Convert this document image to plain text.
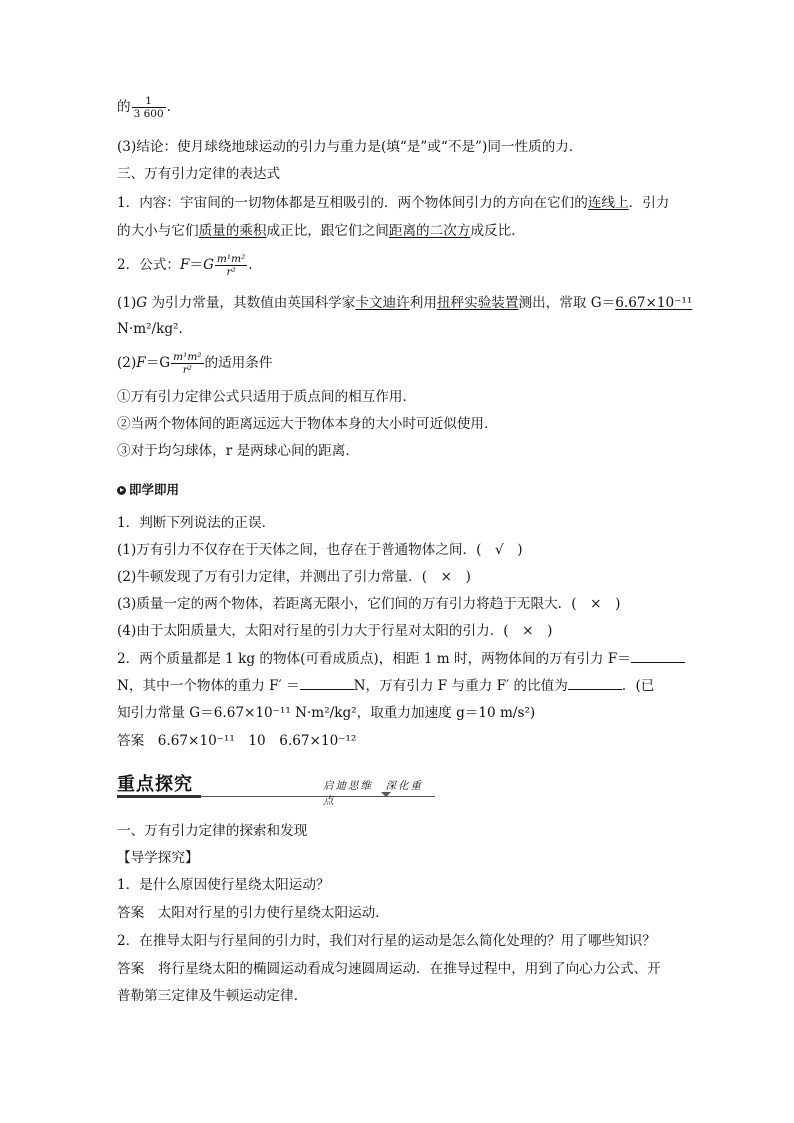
的 $\frac{1}{3 600}$ .
(3)结论：使月球绕地球运动的引力与重力是(填“是”或“不是”)同一性质的力．
三、万有引力定律的表达式
1．内容：宇宙间的一切物体都是互相吸引的．两个物体间引力的方向在它们的连线上．引力
的大小与它们质量的乘积成正比，跟它们之间距离的二次方成反比．
2．公式：$F=G \frac{\text{m¹m²}}{\text{r²}}$ .
(1)G 为引力常量，其数值由英国科学家卡文迪许利用扭秤实验装置测出，常取 G＝6.67×10⁻¹¹
N·m²/kg².
$(2)F=G \frac{\text{m¹m²}}{\text{r²}}$ 的适用条件
①万有引力定律公式只适用于质点间的相互作用．
②当两个物体间的距离远远大于物体本身的大小时可近似使用．
③对于均匀球体，r 是两球心间的距离．
即学即用
1．判断下列说法的正误．
(1)万有引力不仅存在于天体之间，也存在于普通物体之间．(　√　)
(2)牛顿发现了万有引力定律，并测出了引力常量．(　×　)
(3)质量一定的两个物体，若距离无限小，它们间的万有引力将趋于无限大．(　×　)
(4)由于太阳质量大，太阳对行星的引力大于行星对太阳的引力．(　×　)
2．两个质量都是 1 kg 的物体(可看成质点)，相距 1 m 时，两物体间的万有引力 F＝
N，其中一个物体的重力 F′ ＝	N，万有引力 F 与重力 F′ 的比值为	．(已
知引力常量 G＝6.67×10⁻¹¹ N·m²/kg²，取重力加速度 g＝10 m/s²)
答案　6.67×10⁻¹¹　10　6.67×10⁻¹²
一、万有引力定律的探索和发现
【导学探究】
1．是什么原因使行星绕太阳运动？
答案　太阳对行星的引力使行星绕太阳运动．
2．在推导太阳与行星间的引力时，我们对行星的运动是怎么简化处理的？用了哪些知识？
答案　将行星绕太阳的椭圆运动看成匀速圆周运动．在推导过程中，用到了向心力公式、开
普勒第三定律及牛顿运动定律．
重点探究	启迪思维　深化重点
